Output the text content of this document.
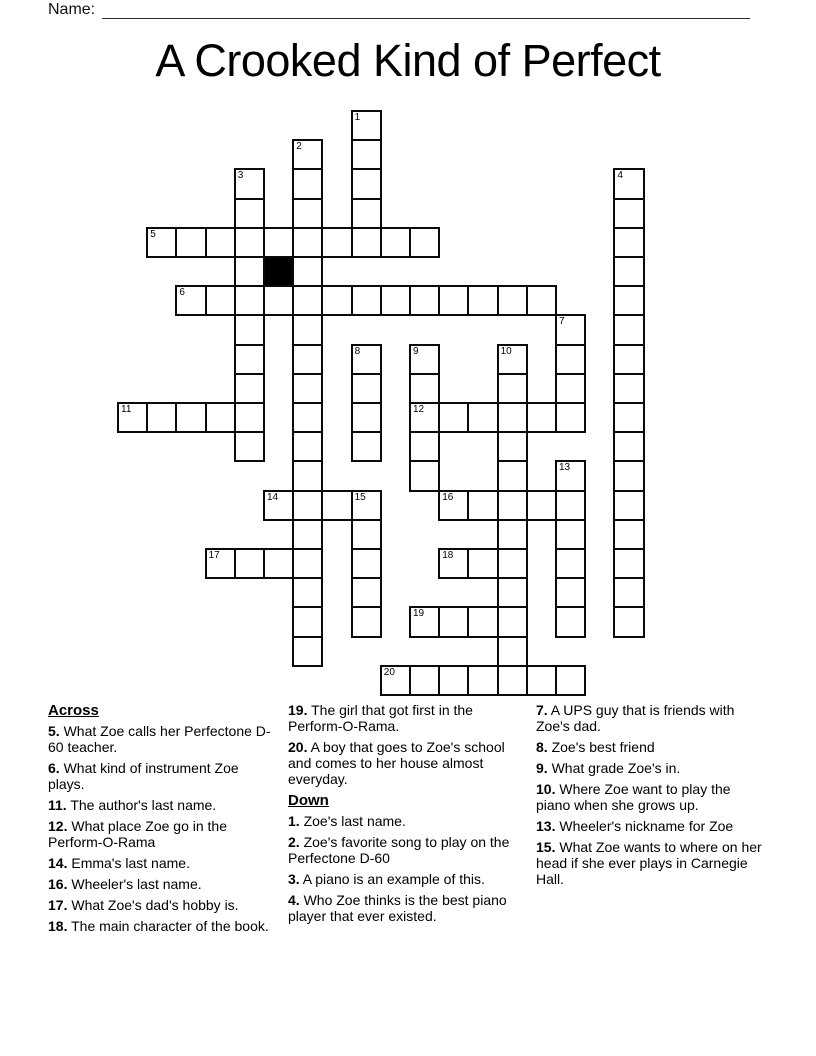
Name:
A Crooked Kind of Perfect
1
2
3	4
5
6
7
8	9
12
10
11
13
14	15	16
17	18
19
20
Across
5. What Zoe calls her Perfectone D-60 teacher.
6. What kind of instrument Zoe plays.
11. The author's last name.
12. What place Zoe go in the Perform-O-Rama
14. Emma's last name.
16. Wheeler's last name.
17. What Zoe's dad's hobby is.
18. The main character of the book.
19. The girl that got first in the Perform-O-Rama.
20. A boy that goes to Zoe's school and comes to her house almost everyday.
Down
1. Zoe's last name.
2. Zoe's favorite song to play on the Perfectone D-60
3. A piano is an example of this.
4. Who Zoe thinks is the best piano player that ever existed.
7. A UPS guy that is friends with Zoe's dad.
8. Zoe's best friend
9. What grade Zoe's in.
10. Where Zoe want to play the piano when she grows up.
13. Wheeler's nickname for Zoe
15. What Zoe wants to where on her head if she ever plays in Carnegie Hall.
